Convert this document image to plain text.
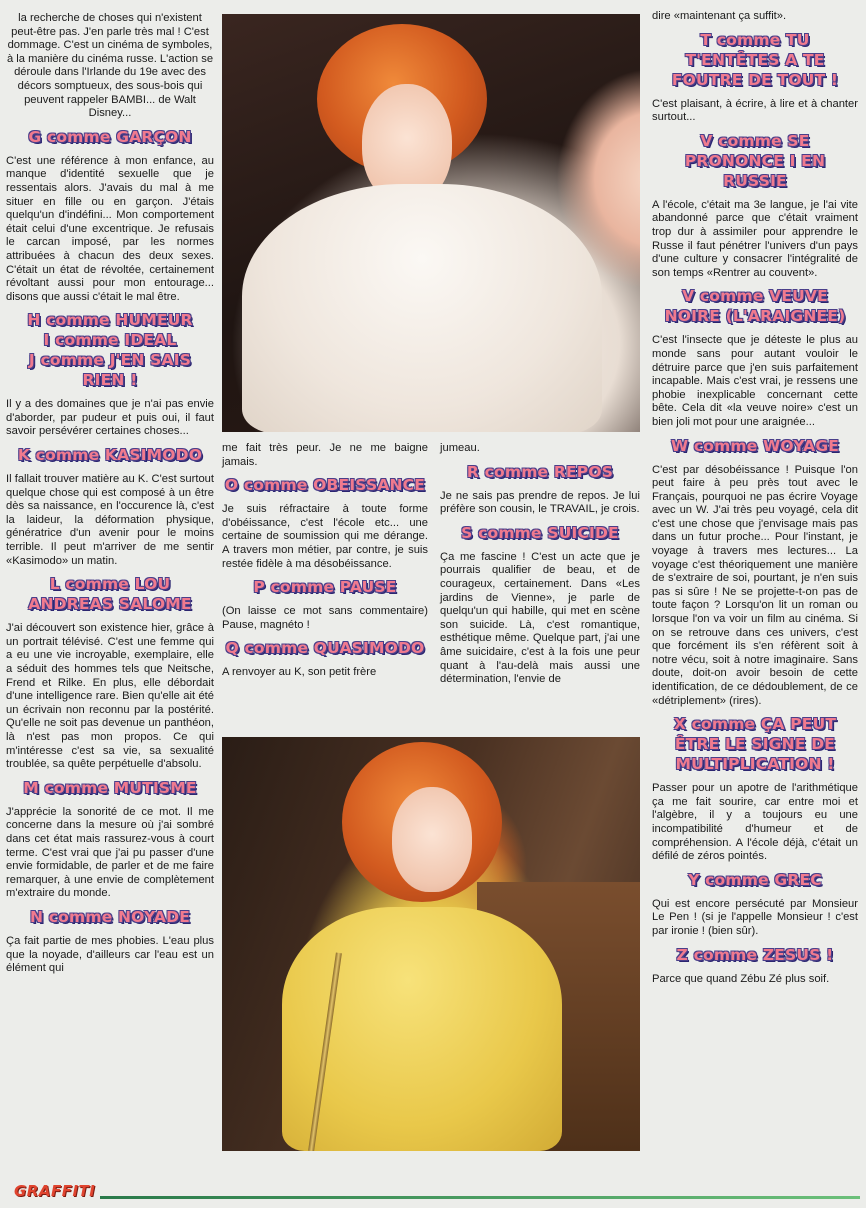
la recherche de choses qui n'existent peut-être pas. J'en parle très mal ! C'est dommage. C'est un cinéma de symboles, à la manière du cinéma russe. L'action se déroule dans l'Irlande du 19e avec des décors somptueux, des sous-bois qui peuvent rappeler BAMBI... de Walt Disney...

G comme GARÇON

C'est une référence à mon enfance, au manque d'identité sexuelle que je ressentais alors. J'avais du mal à me situer en fille ou en garçon. J'étais quelqu'un d'indéfini... Mon comportement était celui d'une excentrique. Je refusais le carcan imposé, par les normes attribuées à chacun des deux sexes. C'était un état de révoltée, certainement révoltant aussi pour mon entourage... disons que aussi c'était le mal être.

H comme HUMEUR
I comme IDEAL
J comme J'EN SAIS RIEN !

Il y a des domaines que je n'ai pas envie d'aborder, par pudeur et puis oui, il faut savoir persévérer certaines choses...

K comme KASIMODO

Il fallait trouver matière au K. C'est surtout quelque chose qui est composé à un être dès sa naissance, en l'occurence là, c'est la laideur, la déformation physique, génératrice d'un avenir pour le moins terrible. Il peut m'arriver de me sentir «Kasimodo» un matin.

L comme LOU ANDREAS SALOME

J'ai découvert son existence hier, grâce à un portrait télévisé. C'est une femme qui a eu une vie incroyable, exemplaire, elle a séduit des hommes tels que Neitsche, Frend et Rilke. En plus, elle débordait d'une intelligence rare. Bien qu'elle ait été un écrivain non reconnu par la postérité. Qu'elle ne soit pas devenue un panthéon, là n'est pas mon propos. Ce qui m'intéresse c'est sa vie, sa sexualité troublée, sa quête perpétuelle d'absolu.

M comme MUTISME

J'apprécie la sonorité de ce mot. Il me concerne dans la mesure où j'ai sombré dans cet état mais rassurez-vous à court terme. C'est vrai que j'ai pu passer d'une envie formidable, de parler et de me faire remarquer, à une envie de complètement m'extraire du monde.

N comme NOYADE

Ça fait partie de mes phobies. L'eau plus que la noyade, d'ailleurs car l'eau est un élément qui

me fait très peur. Je ne me baigne jamais.

O comme OBEISSANCE

Je suis réfractaire à toute forme d'obéissance, c'est l'école etc... une certaine de soumission qui me dérange. A travers mon métier, par contre, je suis restée fidèle à ma désobéissance.

P comme PAUSE

(On laisse ce mot sans commentaire) Pause, magnéto !

Q comme QUASIMODO

A renvoyer au K, son petit frère

jumeau.

R comme REPOS

Je ne sais pas prendre de repos. Je lui préfère son cousin, le TRAVAIL, je crois.

S comme SUICIDE

Ça me fascine ! C'est un acte que je pourrais qualifier de beau, et de courageux, certainement. Dans «Les jardins de Vienne», je parle de quelqu'un qui habille, qui met en scène son suicide. Là, c'est romantique, esthétique même. Quelque part, j'ai une âme suicidaire, c'est à la fois une peur quant à l'au-delà mais aussi une détermination, l'envie de

dire «maintenant ça suffit».

T comme TU T'ENTÊTES A TE FOUTRE DE TOUT !

C'est plaisant, à écrire, à lire et à chanter surtout...

V comme SE PRONONCE I EN RUSSIE

A l'école, c'était ma 3e langue, je l'ai vite abandonné parce que c'était vraiment trop dur à assimiler pour apprendre le Russe il faut pénétrer l'univers d'un pays d'une culture y consacrer l'intégralité de son temps «Rentrer au couvent».

V comme VEUVE NOIRE (L'ARAIGNEE)

C'est l'insecte que je déteste le plus au monde sans pour autant vouloir le détruire parce que j'en suis parfaitement incapable. Mais c'est vrai, je ressens une phobie inexplicable concernant cette bête. Cela dit «la veuve noire» c'est un bien joli mot pour une araignée...

W comme WOYAGE

C'est par désobéissance ! Puisque l'on peut faire à peu près tout avec le Français, pourquoi ne pas écrire Voyage avec un W. J'ai très peu voyagé, cela dit c'est une chose que j'envisage mais pas dans un futur proche... Pour l'instant, je voyage à travers mes lectures... La voyage c'est théoriquement une manière de s'extraire de soi, pourtant, je n'en suis pas si sûre ! Ne se projette-t-on pas de toute façon ? Lorsqu'on lit un roman ou lorsque l'on va voir un film au cinéma. Si on se retrouve dans ces univers, c'est que forcément ils s'en réfèrent soit à notre vécu, soit à notre imaginaire. Sans doute, doit-on avoir besoin de cette identification, de ce dédoublement, de ce «détriplement» (rires).

X comme ÇA PEUT ÊTRE LE SIGNE DE MULTIPLICATION !

Passer pour un apotre de l'arithmétique ça me fait sourire, car entre moi et l'algèbre, il y a toujours eu une incompatibilité d'humeur et de compréhension. A l'école déjà, c'était un défilé de zéros pointés.

Y comme GREC

Qui est encore persécuté par Monsieur Le Pen ! (si je l'appelle Monsieur ! c'est par ironie ! (bien sûr).

Z comme ZESUS !

Parce que quand Zébu Zé plus soif.

GRAFFITI
